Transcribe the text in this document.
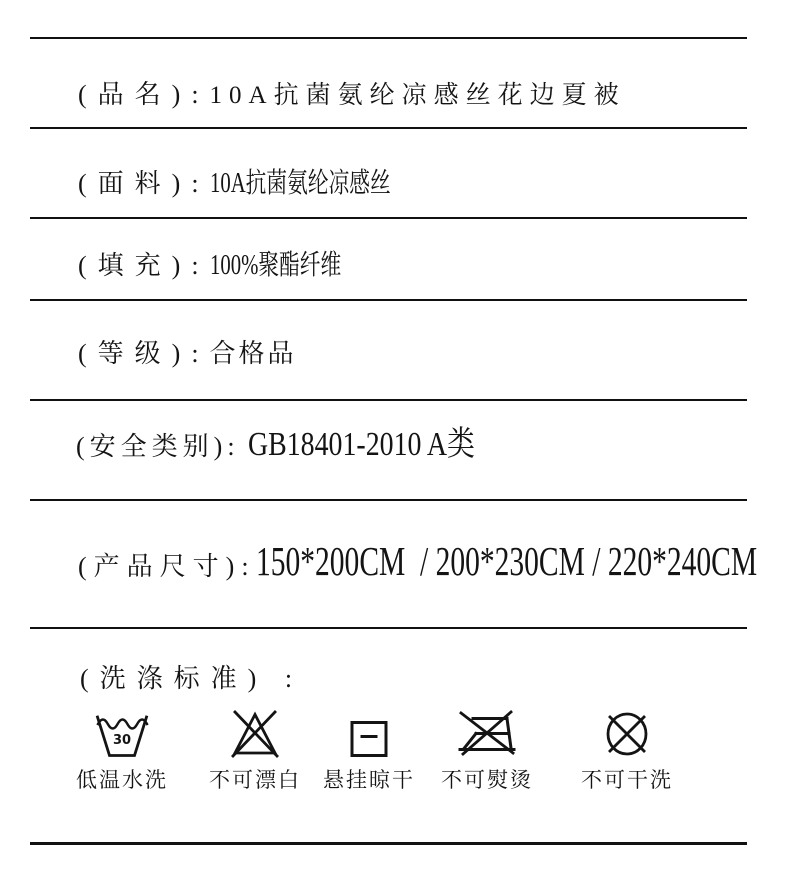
(品名):10A抗菌氨纶凉感丝花边夏被
(面料):10A抗菌氨纶凉感丝
(填充):100%聚酯纤维
(等级):合格品
(安全类别): GB18401-2010 A类
(产品尺寸):150*200CM  / 200*230CM / 220*240CM
(洗涤标准) :
30
低温水洗 不可漂白 悬挂晾干 不可熨烫 不可干洗
